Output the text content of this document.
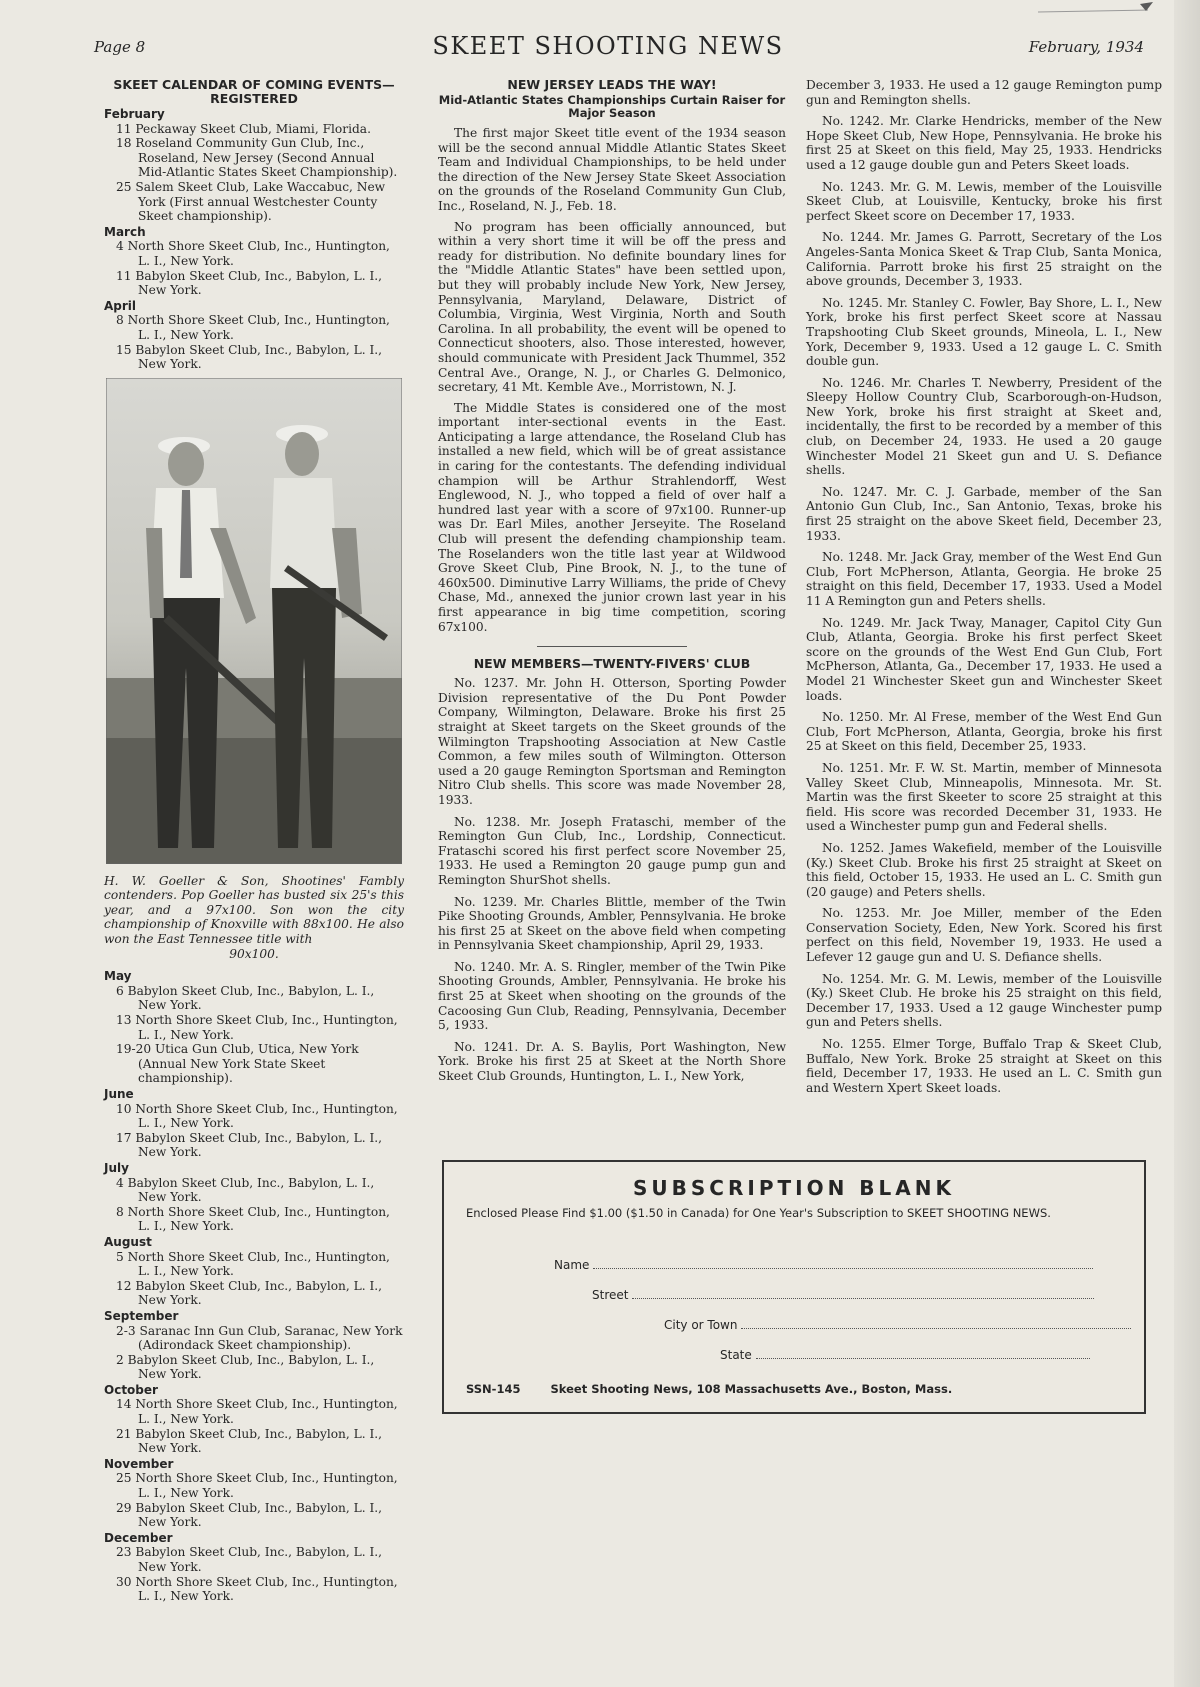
Page 8	SKEET SHOOTING NEWS	February, 1934
SKEET CALENDAR OF COMING EVENTS—REGISTERED
February

11 Peckaway Skeet Club, Miami, Florida.

18 Roseland Community Gun Club, Inc., Roseland, New Jersey (Second Annual Mid-Atlantic States Skeet Championship).

25 Salem Skeet Club, Lake Waccabuc, New York (First annual Westchester County Skeet championship).

March

4 North Shore Skeet Club, Inc., Huntington, L. I., New York.

11 Babylon Skeet Club, Inc., Babylon, L. I., New York.

April

8 North Shore Skeet Club, Inc., Huntington, L. I., New York.

15 Babylon Skeet Club, Inc., Babylon, L. I., New York.

H. W. Goeller & Son, Shootines' Fambly contenders. Pop Goeller has busted six 25's this year, and a 97x100. Son won the city championship of Knoxville with 88x100. He also won the East Tennessee title with
90x100.
May

6 Babylon Skeet Club, Inc., Babylon, L. I., New York.

13 North Shore Skeet Club, Inc., Huntington, L. I., New York.

19-20 Utica Gun Club, Utica, New York (Annual New York State Skeet championship).

June

10 North Shore Skeet Club, Inc., Huntington, L. I., New York.

17 Babylon Skeet Club, Inc., Babylon, L. I., New York.

July

4 Babylon Skeet Club, Inc., Babylon, L. I., New York.

8 North Shore Skeet Club, Inc., Huntington, L. I., New York.

August

5 North Shore Skeet Club, Inc., Huntington, L. I., New York.

12 Babylon Skeet Club, Inc., Babylon, L. I., New York.

September

2-3 Saranac Inn Gun Club, Saranac, New York (Adirondack Skeet championship).

2 Babylon Skeet Club, Inc., Babylon, L. I., New York.

October

14 North Shore Skeet Club, Inc., Huntington, L. I., New York.

21 Babylon Skeet Club, Inc., Babylon, L. I., New York.

November

25 North Shore Skeet Club, Inc., Huntington, L. I., New York.

29 Babylon Skeet Club, Inc., Babylon, L. I., New York.

December

23 Babylon Skeet Club, Inc., Babylon, L. I., New York.

30 North Shore Skeet Club, Inc., Huntington, L. I., New York.

NEW JERSEY LEADS THE WAY!
Mid-Atlantic States Championships Curtain Raiser for Major Season

The first major Skeet title event of the 1934 season will be the second annual Middle Atlantic States Skeet Team and Individual Championships, to be held under the direction of the New Jersey State Skeet Association on the grounds of the Roseland Community Gun Club, Inc., Roseland, N. J., Feb. 18.

No program has been officially announced, but within a very short time it will be off the press and ready for distribution. No definite boundary lines for the "Middle Atlantic States" have been settled upon, but they will probably include New York, New Jersey, Pennsylvania, Maryland, Delaware, District of Columbia, Virginia, West Virginia, North and South Carolina. In all probability, the event will be opened to Connecticut shooters, also. Those interested, however, should communicate with President Jack Thummel, 352 Central Ave., Orange, N. J., or Charles G. Delmonico, secretary, 41 Mt. Kemble Ave., Morristown, N. J.

The Middle States is considered one of the most important inter-sectional events in the East. Anticipating a large attendance, the Roseland Club has installed a new field, which will be of great assistance in caring for the contestants. The defending individual champion will be Arthur Strahlendorff, West Englewood, N. J., who topped a field of over half a hundred last year with a score of 97x100. Runner-up was Dr. Earl Miles, another Jerseyite. The Roseland Club will present the defending championship team. The Roselanders won the title last year at Wildwood Grove Skeet Club, Pine Brook, N. J., to the tune of 460x500. Diminutive Larry Williams, the pride of Chevy Chase, Md., annexed the junior crown last year in his first appearance in big time competition, scoring 67x100.

NEW MEMBERS—TWENTY-FIVERS' CLUB

No. 1237. Mr. John H. Otterson, Sporting Powder Division representative of the Du Pont Powder Company, Wilmington, Delaware. Broke his first 25 straight at Skeet targets on the Skeet grounds of the Wilmington Trapshooting Association at New Castle Common, a few miles south of Wilmington. Otterson used a 20 gauge Remington Sportsman and Remington Nitro Club shells. This score was made November 28, 1933.

No. 1238. Mr. Joseph Frataschi, member of the Remington Gun Club, Inc., Lordship, Connecticut. Frataschi scored his first perfect score November 25, 1933. He used a Remington 20 gauge pump gun and Remington ShurShot shells.

No. 1239. Mr. Charles Blittle, member of the Twin Pike Shooting Grounds, Ambler, Pennsylvania. He broke his first 25 at Skeet on the above field when competing in Pennsylvania Skeet championship, April 29, 1933.

No. 1240. Mr. A. S. Ringler, member of the Twin Pike Shooting Grounds, Ambler, Pennsylvania. He broke his first 25 at Skeet when shooting on the grounds of the Cacoosing Gun Club, Reading, Pennsylvania, December 5, 1933.

No. 1241. Dr. A. S. Baylis, Port Washington, New York. Broke his first 25 at Skeet at the North Shore Skeet Club Grounds, Huntington, L. I., New York,

December 3, 1933. He used a 12 gauge Remington pump gun and Remington shells.

No. 1242. Mr. Clarke Hendricks, member of the New Hope Skeet Club, New Hope, Pennsylvania. He broke his first 25 at Skeet on this field, May 25, 1933. Hendricks used a 12 gauge double gun and Peters Skeet loads.

No. 1243. Mr. G. M. Lewis, member of the Louisville Skeet Club, at Louisville, Kentucky, broke his first perfect Skeet score on December 17, 1933.

No. 1244. Mr. James G. Parrott, Secretary of the Los Angeles-Santa Monica Skeet & Trap Club, Santa Monica, California. Parrott broke his first 25 straight on the above grounds, December 3, 1933.

No. 1245. Mr. Stanley C. Fowler, Bay Shore, L. I., New York, broke his first perfect Skeet score at Nassau Trapshooting Club Skeet grounds, Mineola, L. I., New York, December 9, 1933. Used a 12 gauge L. C. Smith double gun.

No. 1246. Mr. Charles T. Newberry, President of the Sleepy Hollow Country Club, Scarborough-on-Hudson, New York, broke his first straight at Skeet and, incidentally, the first to be recorded by a member of this club, on December 24, 1933. He used a 20 gauge Winchester Model 21 Skeet gun and U. S. Defiance shells.

No. 1247. Mr. C. J. Garbade, member of the San Antonio Gun Club, Inc., San Antonio, Texas, broke his first 25 straight on the above Skeet field, December 23, 1933.

No. 1248. Mr. Jack Gray, member of the West End Gun Club, Fort McPherson, Atlanta, Georgia. He broke 25 straight on this field, December 17, 1933. Used a Model 11 A Remington gun and Peters shells.

No. 1249. Mr. Jack Tway, Manager, Capitol City Gun Club, Atlanta, Georgia. Broke his first perfect Skeet score on the grounds of the West End Gun Club, Fort McPherson, Atlanta, Ga., December 17, 1933. He used a Model 21 Winchester Skeet gun and Winchester Skeet loads.

No. 1250. Mr. Al Frese, member of the West End Gun Club, Fort McPherson, Atlanta, Georgia, broke his first 25 at Skeet on this field, December 25, 1933.

No. 1251. Mr. F. W. St. Martin, member of Minnesota Valley Skeet Club, Minneapolis, Minnesota. Mr. St. Martin was the first Skeeter to score 25 straight at this field. His score was recorded December 31, 1933. He used a Winchester pump gun and Federal shells.

No. 1252. James Wakefield, member of the Louisville (Ky.) Skeet Club. Broke his first 25 straight at Skeet on this field, October 15, 1933. He used an L. C. Smith gun (20 gauge) and Peters shells.

No. 1253. Mr. Joe Miller, member of the Eden Conservation Society, Eden, New York. Scored his first perfect on this field, November 19, 1933. He used a Lefever 12 gauge gun and U. S. Defiance shells.

No. 1254. Mr. G. M. Lewis, member of the Louisville (Ky.) Skeet Club. He broke his 25 straight on this field, December 17, 1933. Used a 12 gauge Winchester pump gun and Peters shells.

No. 1255. Elmer Torge, Buffalo Trap & Skeet Club, Buffalo, New York. Broke 25 straight at Skeet on this field, December 17, 1933. He used an L. C. Smith gun and Western Xpert Skeet loads.

SUBSCRIPTION BLANK
Enclosed Please Find $1.00 ($1.50 in Canada) for One Year's Subscription to SKEET SHOOTING NEWS.
SSN-145	Skeet Shooting News, 108 Massachusetts Ave., Boston, Mass.
Name
Street
City or Town
State
